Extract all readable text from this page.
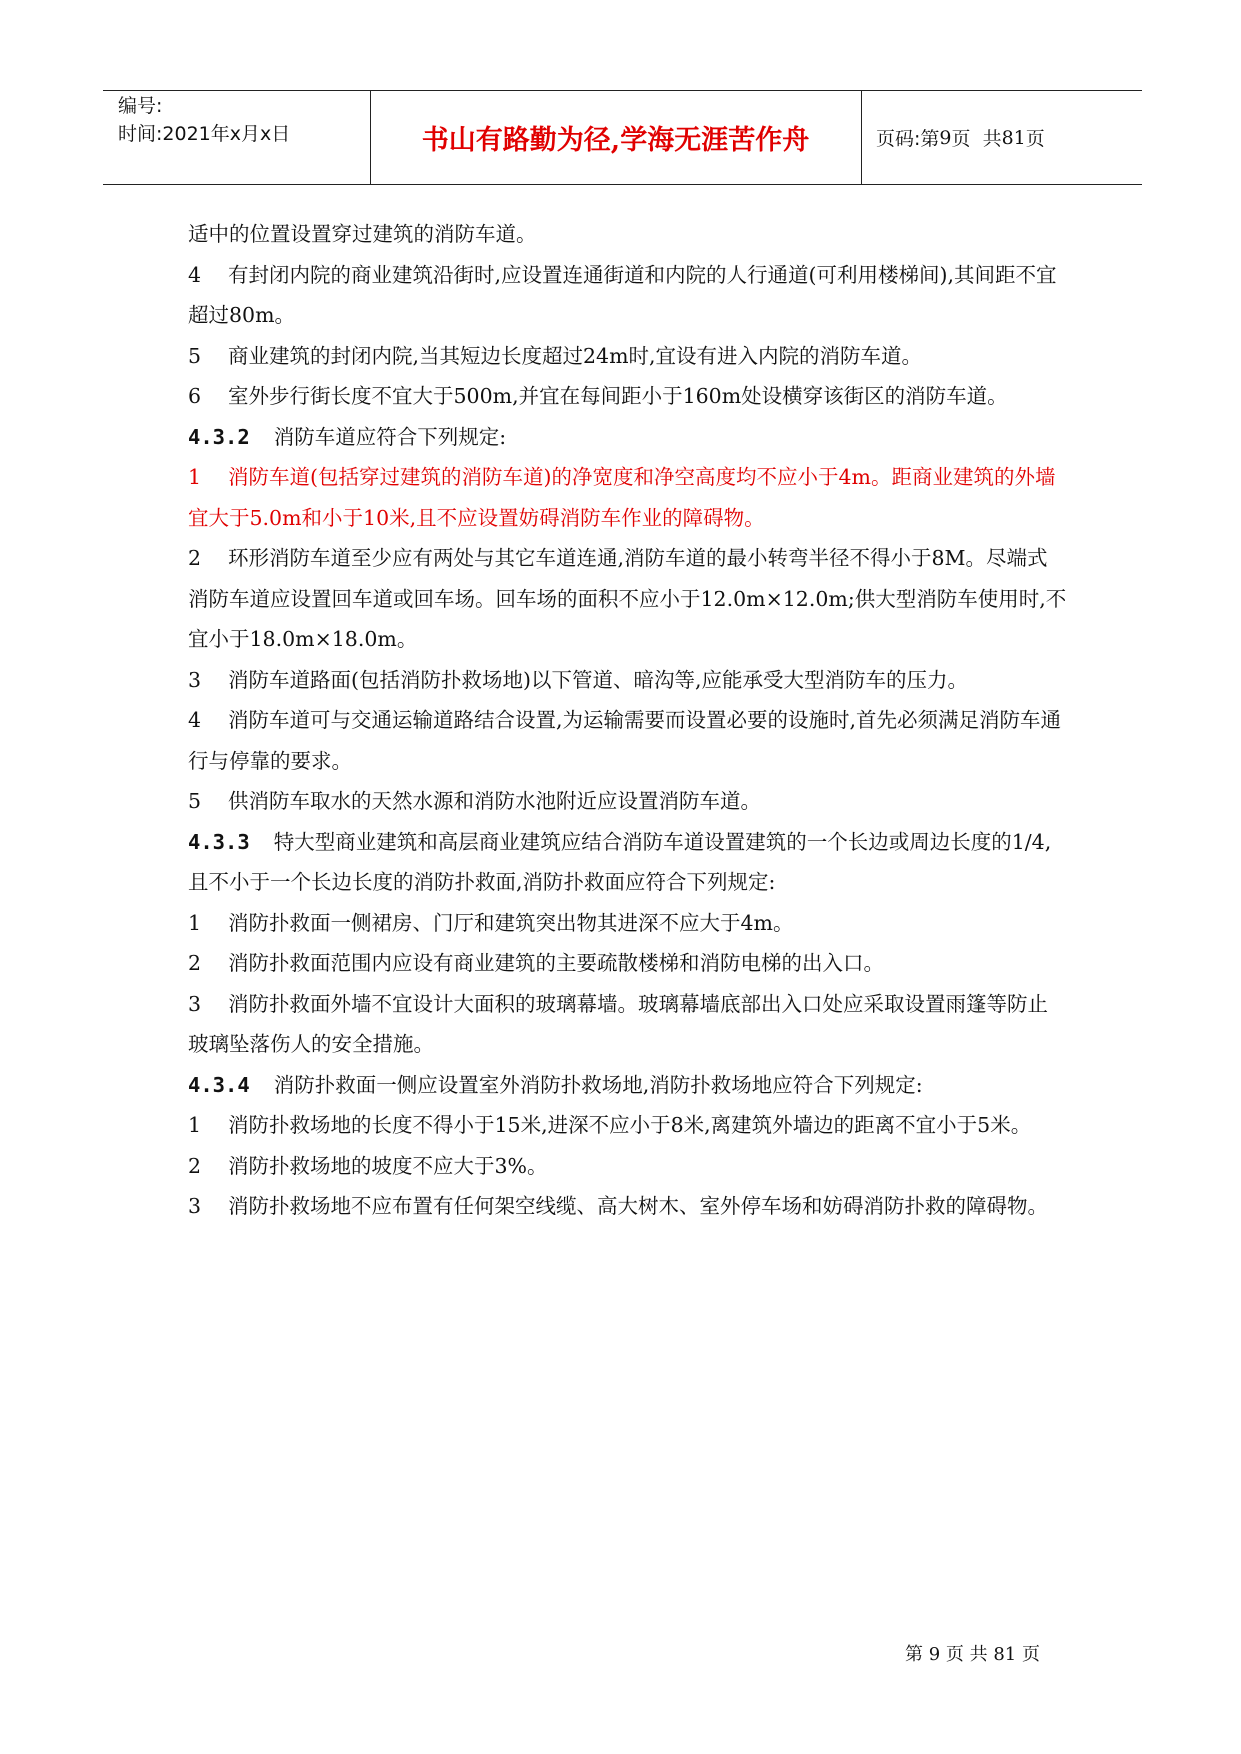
编号:
时间:2021年x月x日	书山有路勤为径,学海无涯苦作舟	页码:第 9 页  共 81 页

适中的位置设置穿过建筑的消防车道。

4 有封闭内院的商业建筑沿街时,应设置连通街道和内院的人行通道(可利用楼梯间),其间距不宜超过80m。

5 商业建筑的封闭内院,当其短边长度超过24m时,宜设有进入内院的消防车道。

6 室外步行街长度不宜大于500m,并宜在每间距小于160m处设横穿该街区的消防车道。

4.3.2 消防车道应符合下列规定:

1 消防车道(包括穿过建筑的消防车道)的净宽度和净空高度均不应小于4m。距商业建筑的外墙宜大于5.0m和小于10米,且不应设置妨碍消防车作业的障碍物。

2 环形消防车道至少应有两处与其它车道连通,消防车道的最小转弯半径不得小于8M。尽端式消防车道应设置回车道或回车场。回车场的面积不应小于12.0m×12.0m;供大型消防车使用时,不宜小于18.0m×18.0m。

3 消防车道路面(包括消防扑救场地)以下管道、暗沟等,应能承受大型消防车的压力。

4 消防车道可与交通运输道路结合设置,为运输需要而设置必要的设施时,首先必须满足消防车通行与停靠的要求。

5 供消防车取水的天然水源和消防水池附近应设置消防车道。

4.3.3 特大型商业建筑和高层商业建筑应结合消防车道设置建筑的一个长边或周边长度的1/4,且不小于一个长边长度的消防扑救面,消防扑救面应符合下列规定:

1 消防扑救面一侧裙房、门厅和建筑突出物其进深不应大于4m。

2 消防扑救面范围内应设有商业建筑的主要疏散楼梯和消防电梯的出入口。

3 消防扑救面外墙不宜设计大面积的玻璃幕墙。玻璃幕墙底部出入口处应采取设置雨篷等防止玻璃坠落伤人的安全措施。

4.3.4 消防扑救面一侧应设置室外消防扑救场地,消防扑救场地应符合下列规定:

1 消防扑救场地的长度不得小于15米,进深不应小于8米,离建筑外墙边的距离不宜小于5米。

2 消防扑救场地的坡度不应大于3%。

3 消防扑救场地不应布置有任何架空线缆、高大树木、室外停车场和妨碍消防扑救的障碍物。

第 9 页 共 81 页
